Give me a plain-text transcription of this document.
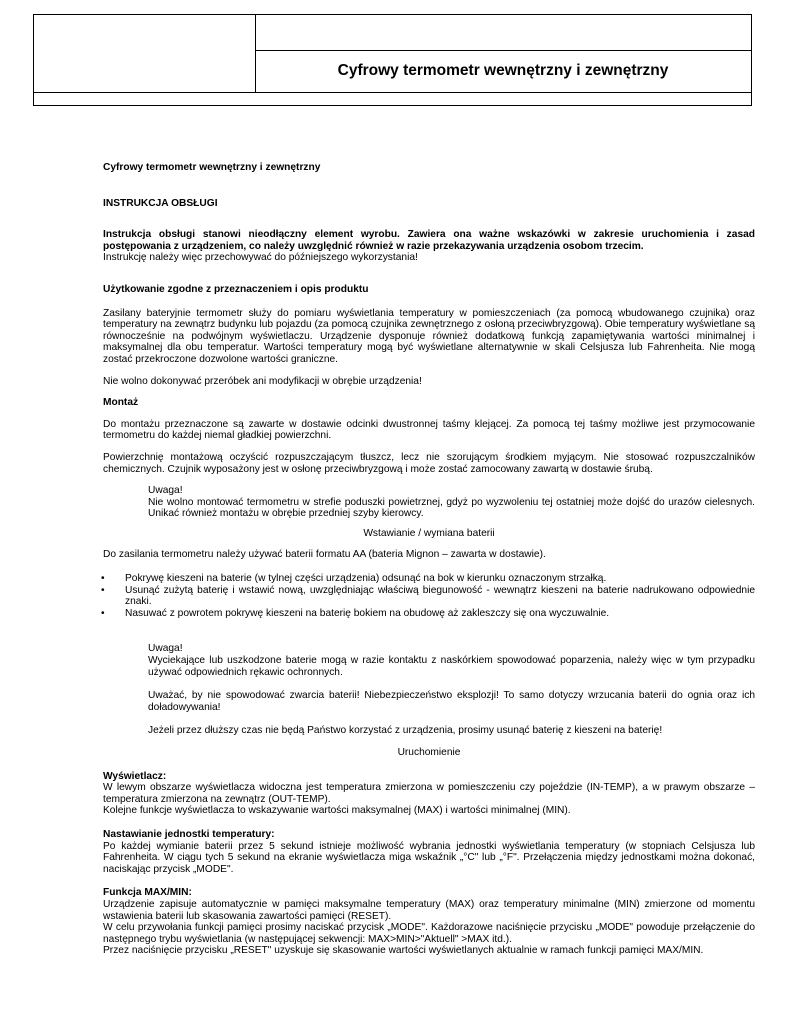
Cyfrowy termometr wewnętrzny i zewnętrzny

Cyfrowy termometr wewnętrzny i zewnętrzny

INSTRUKCJA OBSŁUGI

Instrukcja obsługi stanowi nieodłączny element wyrobu. Zawiera ona ważne wskazówki w zakresie uruchomienia i zasad postępowania z urządzeniem, co należy uwzględnić również w razie przekazywania urządzenia osobom trzecim.

Instrukcję należy więc przechowywać do późniejszego wykorzystania!

Użytkowanie zgodne z przeznaczeniem i opis produktu

Zasilany bateryjnie termometr służy do pomiaru wyświetlania temperatury w pomieszczeniach (za pomocą wbudowanego czujnika) oraz temperatury na zewnątrz budynku lub pojazdu (za pomocą czujnika zewnętrznego z osłoną przeciwbryzgową). Obie temperatury wyświetlane są równocześnie na podwójnym wyświetlaczu. Urządzenie dysponuje również dodatkową funkcją zapamiętywania wartości minimalnej i maksymalnej dla obu temperatur. Wartości temperatury mogą być wyświetlane alternatywnie w skali Celsjusza lub Fahrenheita. Nie mogą zostać przekroczone dozwolone wartości graniczne.

Nie wolno dokonywać przeróbek ani modyfikacji w obrębie urządzenia!

Montaż

Do montażu przeznaczone są zawarte w dostawie odcinki dwustronnej taśmy klejącej. Za pomocą tej taśmy możliwe jest przymocowanie termometru do każdej niemal gładkiej powierzchni.

Powierzchnię montażową oczyścić rozpuszczającym tłuszcz, lecz nie szorującym środkiem myjącym. Nie stosować rozpuszczalników chemicznych. Czujnik wyposażony jest w osłonę przeciwbryzgową i może zostać zamocowany zawartą w dostawie śrubą.

Uwaga!

Nie wolno montować termometru w strefie poduszki powietrznej, gdyż po wyzwoleniu tej ostatniej może dojść do urazów cielesnych. Unikać również montażu w obrębie przedniej szyby kierowcy.

Wstawianie / wymiana baterii

Do zasilania termometru należy używać baterii formatu AA (bateria Mignon – zawarta w dostawie).

• Pokrywę kieszeni na baterie (w tylnej części urządzenia) odsunąć na bok w kierunku oznaczonym strzałką.
• Usunąć zużytą baterię i wstawić nową, uwzględniając właściwą biegunowość - wewnątrz kieszeni na baterie nadrukowano odpowiednie znaki.
• Nasuwać z powrotem pokrywę kieszeni na baterię bokiem na obudowę aż zakleszczy się ona wyczuwalnie.

Uwaga!

Wyciekające lub uszkodzone baterie mogą w razie kontaktu z naskórkiem spowodować poparzenia, należy więc w tym przypadku używać odpowiednich rękawic ochronnych.

Uważać, by nie spowodować zwarcia baterii! Niebezpieczeństwo eksplozji! To samo dotyczy wrzucania baterii do ognia oraz ich doładowywania!

Jeżeli przez dłuższy czas nie będą Państwo korzystać z urządzenia, prosimy usunąć baterię z kieszeni na baterię!

Uruchomienie

Wyświetlacz:

W lewym obszarze wyświetlacza widoczna jest temperatura zmierzona w pomieszczeniu czy pojeździe (IN-TEMP), a w prawym obszarze – temperatura zmierzona na zewnątrz (OUT-TEMP).

Kolejne funkcje wyświetlacza to wskazywanie wartości maksymalnej (MAX) i wartości minimalnej (MIN).

Nastawianie jednostki temperatury:

Po każdej wymianie baterii przez 5 sekund istnieje możliwość wybrania jednostki wyświetlania temperatury (w stopniach Celsjusza lub Fahrenheita. W ciągu tych 5 sekund na ekranie wyświetlacza miga wskaźnik „°C" lub „°F". Przełączenia między jednostkami można dokonać, naciskając przycisk „MODE".

Funkcja MAX/MIN:

Urządzenie zapisuje automatycznie w pamięci maksymalne temperatury (MAX) oraz temperatury minimalne (MIN) zmierzone od momentu wstawienia baterii lub skasowania zawartości pamięci (RESET).

W celu przywołania funkcji pamięci prosimy naciskać przycisk „MODE". Każdorazowe naciśnięcie przycisku „MODE" powoduje przełączenie do następnego trybu wyświetlania (w następującej sekwencji: MAX>MIN>"Aktuell" >MAX itd.).

Przez naciśnięcie przycisku „RESET" uzyskuje się skasowanie wartości wyświetlanych aktualnie w ramach funkcji pamięci MAX/MIN.
